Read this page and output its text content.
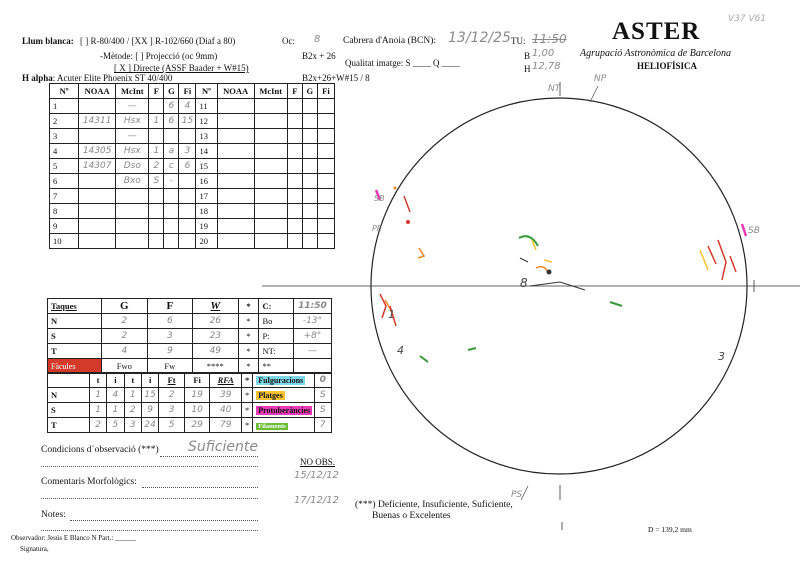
Llum blanca: [ ] R-80/400 / [XX ] R-102/660 (Diaf a 80)	Oc: 8 Cabrera d'Anoia (BCN): 13/12/25 TU: 11:50
-Mètode: [ ] Projecció (oc 9mm)	B2x + 26
Qualitat imatge: S ____ Q ____
B 1,00
H 12,78
[ X ] Directe (ASSF Baader + W#15)
H alpha: Acuter Elite Phoenix ST 40/400	B2x+26+W#15 / 8
ASTER
Agrupació Astronòmica de Barcelona
HELIOFÍSICA
V37 V61
Nº	NOAA	McInt	F	G	Fi	Nº	NOAA	McInt	F	G	Fi
1		—		6	4	11					
2	14311	Hsx	1	6	15	12					
3		—				13					
4	14305	Hsx	1	a	3	14					
5	14307	Dso	2	c	6	15					
6		Bxo	S	-		16					
7						17					
8						18					
9						19					
10						20					
Taques	G	F	W	*	C:	11:50
N	2	6	26	*	Bo	-13°
S	2	3	23	*	P:	+8°
T	4	9	49	*	NT:	—
Fàcules	Fwo	Fw	****	*	**	
	t	i	t	i	Ft	Fi	RFA	*	Fulguracions	0
N	1	4	1	15	2	19	39	*	Platges	S
S	1	1	2	9	3	10	40	*	Protuberàncies	S
T	2	5	3	24	5	29	79	*	Filaments	7
Condicions d´observació (***) Suficiente
Comentaris Morfològics:
Notes:
NO OBS.
15/12/12
17/12/12 (***) Deficiente, Insuficiente, Suficiente,
Buenas o Excelentes
Observador: Jesús E Blanco N Part.: ______
Signatura,
D = 139,2 mm
NP
NT
PS
SB
SB
PE
8
3
4
1
